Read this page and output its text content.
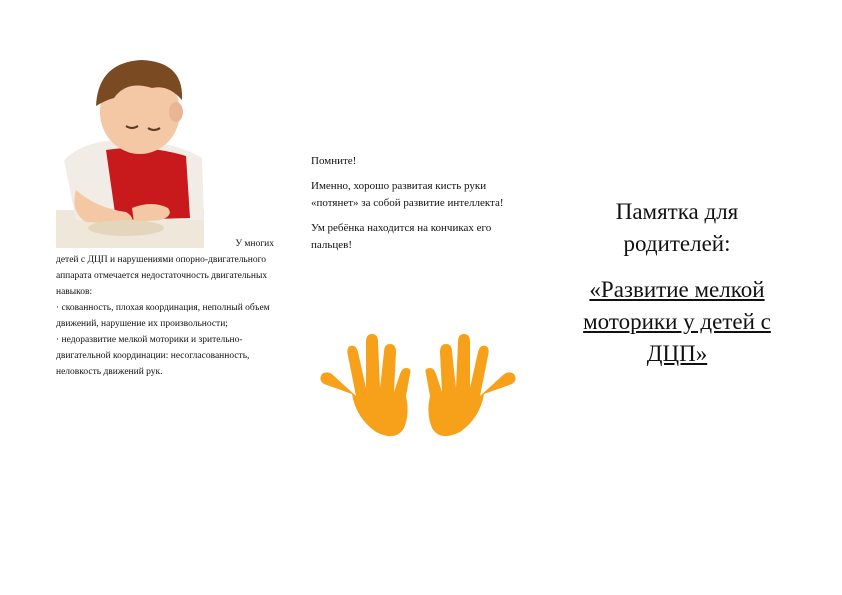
У многих

детей с ДЦП и нарушениями опорно-двигательного аппарата отмечается недостаточность двигательных навыков:

· скованность, плохая координация, неполный объем движений, нарушение их произвольности;

· недоразвитие мелкой моторики и зрительно-двигательной координации: несогласованность, неловкость движений рук.

Помните!

Именно, хорошо развитая кисть руки «потянет» за собой развитие интеллекта!

Ум ребёнка находится на кончиках его пальцев!

Памятка для родителей:

«Развитие мелкой моторики у детей с ДЦП»
